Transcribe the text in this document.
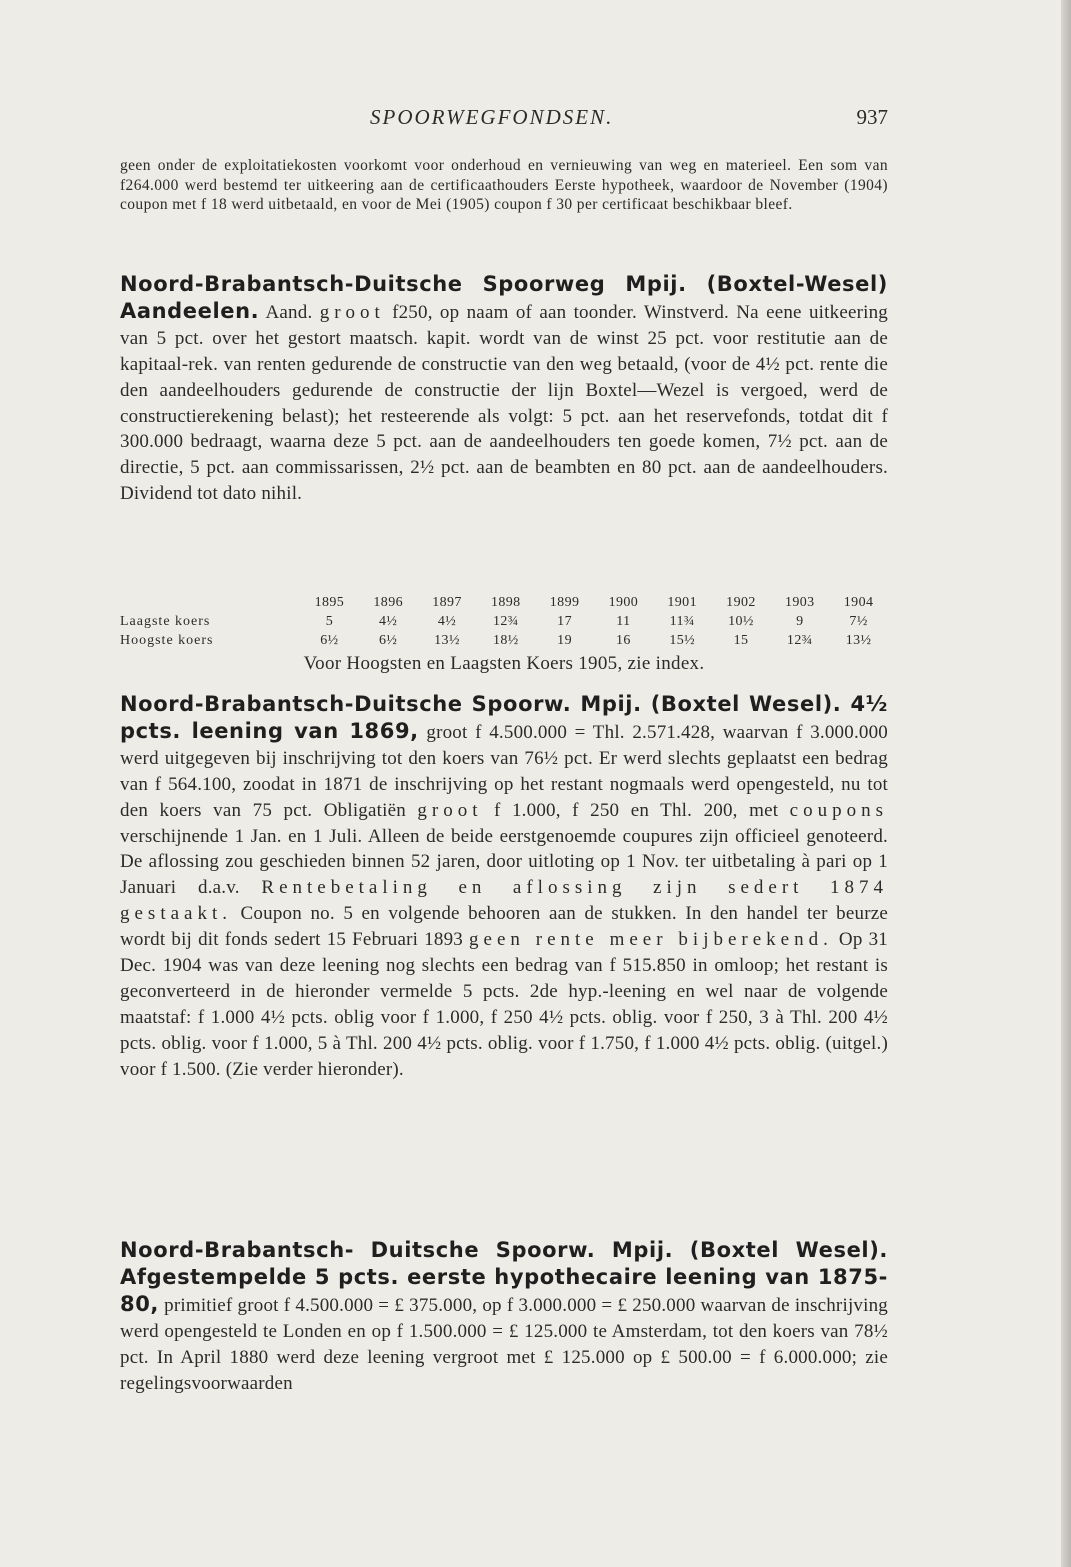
SPOORWEGFONDSEN.	937

geen onder de exploitatiekosten voorkomt voor onderhoud en vernieuwing van weg en materieel. Een som van f264.000 werd bestemd ter uitkeering aan de certificaathouders Eerste hypotheek, waardoor de November (1904) coupon met f 18 werd uitbetaald, en voor de Mei (1905) coupon f 30 per certificaat beschikbaar bleef.

Noord-Brabantsch-Duitsche Spoorweg Mpij. (Boxtel-Wesel) Aandeelen. Aand. groot f250, op naam of aan toonder. Winstverd. Na eene uitkeering van 5 pct. over het gestort maatsch. kapit. wordt van de winst 25 pct. voor restitutie aan de kapitaal-rek. van renten gedurende de constructie van den weg betaald, (voor de 4½ pct. rente die den aandeelhouders gedurende de constructie der lijn Boxtel—Wezel is vergoed, werd de constructierekening belast); het resteerende als volgt: 5 pct. aan het reservefonds, totdat dit f 300.000 bedraagt, waarna deze 5 pct. aan de aandeelhouders ten goede komen, 7½ pct. aan de directie, 5 pct. aan commissarissen, 2½ pct. aan de beambten en 80 pct. aan de aandeelhouders. Dividend tot dato nihil.
	1895	1896	1897	1898	1899	1900	1901	1902	1903	1904
Laagste koers	5	4½	4½	12¾	17	11	11¾	10½	9	7½
Hoogste koers	6½	6½	13½	18½	19	16	15½	15	12¾	13½
Voor Hoogsten en Laagsten Koers 1905, zie index.
Noord-Brabantsch-Duitsche Spoorw. Mpij. (Boxtel Wesel). 4½ pcts. leening van 1869, groot f 4.500.000 = Thl. 2.571.428, waarvan f 3.000.000 werd uitgegeven bij inschrijving tot den koers van 76½ pct. Er werd slechts geplaatst een bedrag van f 564.100, zoodat in 1871 de inschrijving op het restant nogmaals werd opengesteld, nu tot den koers van 75 pct. Obligatiën groot f 1.000, f 250 en Thl. 200, met coupons verschijnende 1 Jan. en 1 Juli. Alleen de beide eerstgenoemde coupures zijn officieel genoteerd. De aflossing zou geschieden binnen 52 jaren, door uitloting op 1 Nov. ter uitbetaling à pari op 1 Januari d.a.v. Rentebetaling en aflossing zijn sedert 1874 gestaakt. Coupon no. 5 en volgende behooren aan de stukken. In den handel ter beurze wordt bij dit fonds sedert 15 Februari 1893 geen rente meer bijberekend. Op 31 Dec. 1904 was van deze leening nog slechts een bedrag van f 515.850 in omloop; het restant is geconverteerd in de hieronder vermelde 5 pcts. 2de hyp.-leening en wel naar de volgende maatstaf: f 1.000 4½ pcts. oblig voor f 1.000, f 250 4½ pcts. oblig. voor f 250, 3 à Thl. 200 4½ pcts. oblig. voor f 1.000, 5 à Thl. 200 4½ pcts. oblig. voor f 1.750, f 1.000 4½ pcts. oblig. (uitgel.) voor f 1.500. (Zie verder hieronder).
Noord-Brabantsch- Duitsche Spoorw. Mpij. (Boxtel Wesel). Afgestempelde 5 pcts. eerste hypothecaire leening van 1875-80, primitief groot f 4.500.000 = £ 375.000, op f 3.000.000 = £ 250.000 waarvan de inschrijving werd opengesteld te Londen en op f 1.500.000 = £ 125.000 te Amsterdam, tot den koers van 78½ pct. In April 1880 werd deze leening vergroot met £ 125.000 op £ 500.00 = f 6.000.000; zie regelingsvoorwaarden
